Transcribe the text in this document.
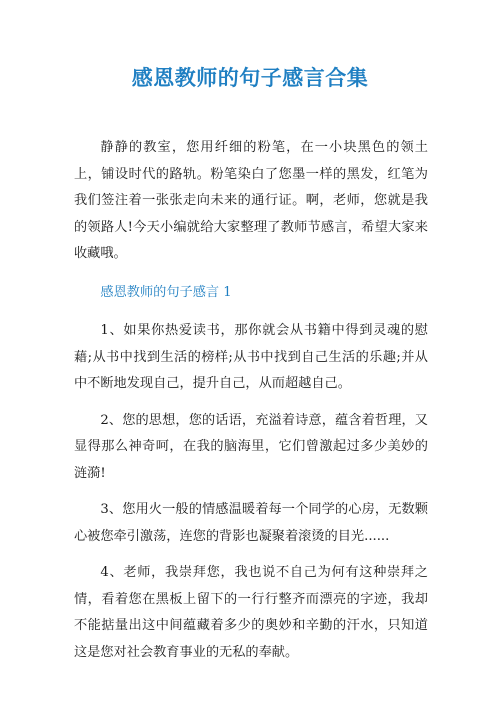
感恩教师的句子感言合集

静静的教室，您用纤细的粉笔，在一小块黑色的领土上，铺设时代的路轨。粉笔染白了您墨一样的黑发，红笔为我们签注着一张张走向未来的通行证。啊，老师，您就是我的领路人!今天小编就给大家整理了教师节感言，希望大家来收藏哦。

感恩教师的句子感言 1

1、如果你热爱读书，那你就会从书籍中得到灵魂的慰藉;从书中找到生活的榜样;从书中找到自己生活的乐趣;并从中不断地发现自己，提升自己，从而超越自己。

2、您的思想，您的话语，充溢着诗意，蕴含着哲理，又显得那么神奇呵，在我的脑海里，它们曾激起过多少美妙的涟漪!

3、您用火一般的情感温暖着每一个同学的心房，无数颗心被您牵引激荡，连您的背影也凝聚着滚烫的目光......

4、老师，我崇拜您，我也说不自己为何有这种崇拜之情，看着您在黑板上留下的一行行整齐而漂亮的字迹，我却不能掂量出这中间蕴藏着多少的奥妙和辛勤的汗水，只知道这是您对社会教育事业的无私的奉献。
